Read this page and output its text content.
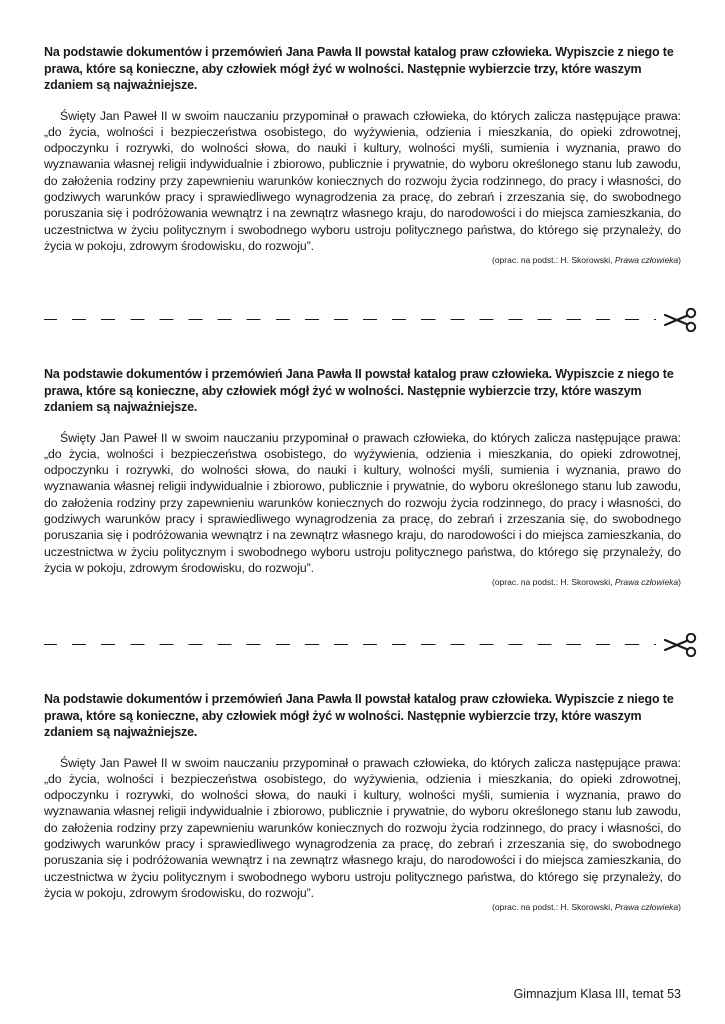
Na podstawie dokumentów i przemówień Jana Pawła II powstał katalog praw człowieka. Wypiszcie z niego te prawa, które są konieczne, aby człowiek mógł żyć w wolności. Następnie wybierzcie trzy, które waszym zdaniem są najważniejsze.

Święty Jan Paweł II w swoim nauczaniu przypominał o prawach człowieka, do których zalicza następujące prawa: „do życia, wolności i bezpieczeństwa osobistego, do wyżywienia, odzienia i mieszkania, do opieki zdrowotnej, odpoczynku i rozrywki, do wolności słowa, do nauki i kultury, wolności myśli, sumienia i wyznania, prawo do wyznawania własnej religii indywidualnie i zbiorowo, publicznie i prywatnie, do wyboru określonego stanu lub zawodu, do założenia rodziny przy zapewnieniu warunków koniecznych do rozwoju życia rodzinnego, do pracy i własności, do godziwych warunków pracy i sprawiedliwego wynagrodzenia za pracę, do zebrań i zrzeszania się, do swobodnego poruszania się i podróżowania wewnątrz i na zewnątrz własnego kraju, do narodowości i do miejsca zamieszkania, do uczestnictwa w życiu politycznym i swobodnego wyboru ustroju politycznego państwa, do którego się przynależy, do życia w pokoju, zdrowym środowisku, do rozwoju”.

(oprac. na podst.: H. Skorowski, Prawa człowieka)

Na podstawie dokumentów i przemówień Jana Pawła II powstał katalog praw człowieka. Wypiszcie z niego te prawa, które są konieczne, aby człowiek mógł żyć w wolności. Następnie wybierzcie trzy, które waszym zdaniem są najważniejsze.

Święty Jan Paweł II w swoim nauczaniu przypominał o prawach człowieka, do których zalicza następujące prawa: „do życia, wolności i bezpieczeństwa osobistego, do wyżywienia, odzienia i mieszkania, do opieki zdrowotnej, odpoczynku i rozrywki, do wolności słowa, do nauki i kultury, wolności myśli, sumienia i wyznania, prawo do wyznawania własnej religii indywidualnie i zbiorowo, publicznie i prywatnie, do wyboru określonego stanu lub zawodu, do założenia rodziny przy zapewnieniu warunków koniecznych do rozwoju życia rodzinnego, do pracy i własności, do godziwych warunków pracy i sprawiedliwego wynagrodzenia za pracę, do zebrań i zrzeszania się, do swobodnego poruszania się i podróżowania wewnątrz i na zewnątrz własnego kraju, do narodowości i do miejsca zamieszkania, do uczestnictwa w życiu politycznym i swobodnego wyboru ustroju politycznego państwa, do którego się przynależy, do życia w pokoju, zdrowym środowisku, do rozwoju”.

(oprac. na podst.: H. Skorowski, Prawa człowieka)

Na podstawie dokumentów i przemówień Jana Pawła II powstał katalog praw człowieka. Wypiszcie z niego te prawa, które są konieczne, aby człowiek mógł żyć w wolności. Następnie wybierzcie trzy, które waszym zdaniem są najważniejsze.

Święty Jan Paweł II w swoim nauczaniu przypominał o prawach człowieka, do których zalicza następujące prawa: „do życia, wolności i bezpieczeństwa osobistego, do wyżywienia, odzienia i mieszkania, do opieki zdrowotnej, odpoczynku i rozrywki, do wolności słowa, do nauki i kultury, wolności myśli, sumienia i wyznania, prawo do wyznawania własnej religii indywidualnie i zbiorowo, publicznie i prywatnie, do wyboru określonego stanu lub zawodu, do założenia rodziny przy zapewnieniu warunków koniecznych do rozwoju życia rodzinnego, do pracy i własności, do godziwych warunków pracy i sprawiedliwego wynagrodzenia za pracę, do zebrań i zrzeszania się, do swobodnego poruszania się i podróżowania wewnątrz i na zewnątrz własnego kraju, do narodowości i do miejsca zamieszkania, do uczestnictwa w życiu politycznym i swobodnego wyboru ustroju politycznego państwa, do którego się przynależy, do życia w pokoju, zdrowym środowisku, do rozwoju”.

(oprac. na podst.: H. Skorowski, Prawa człowieka)
Gimnazjum Klasa III, temat 53
